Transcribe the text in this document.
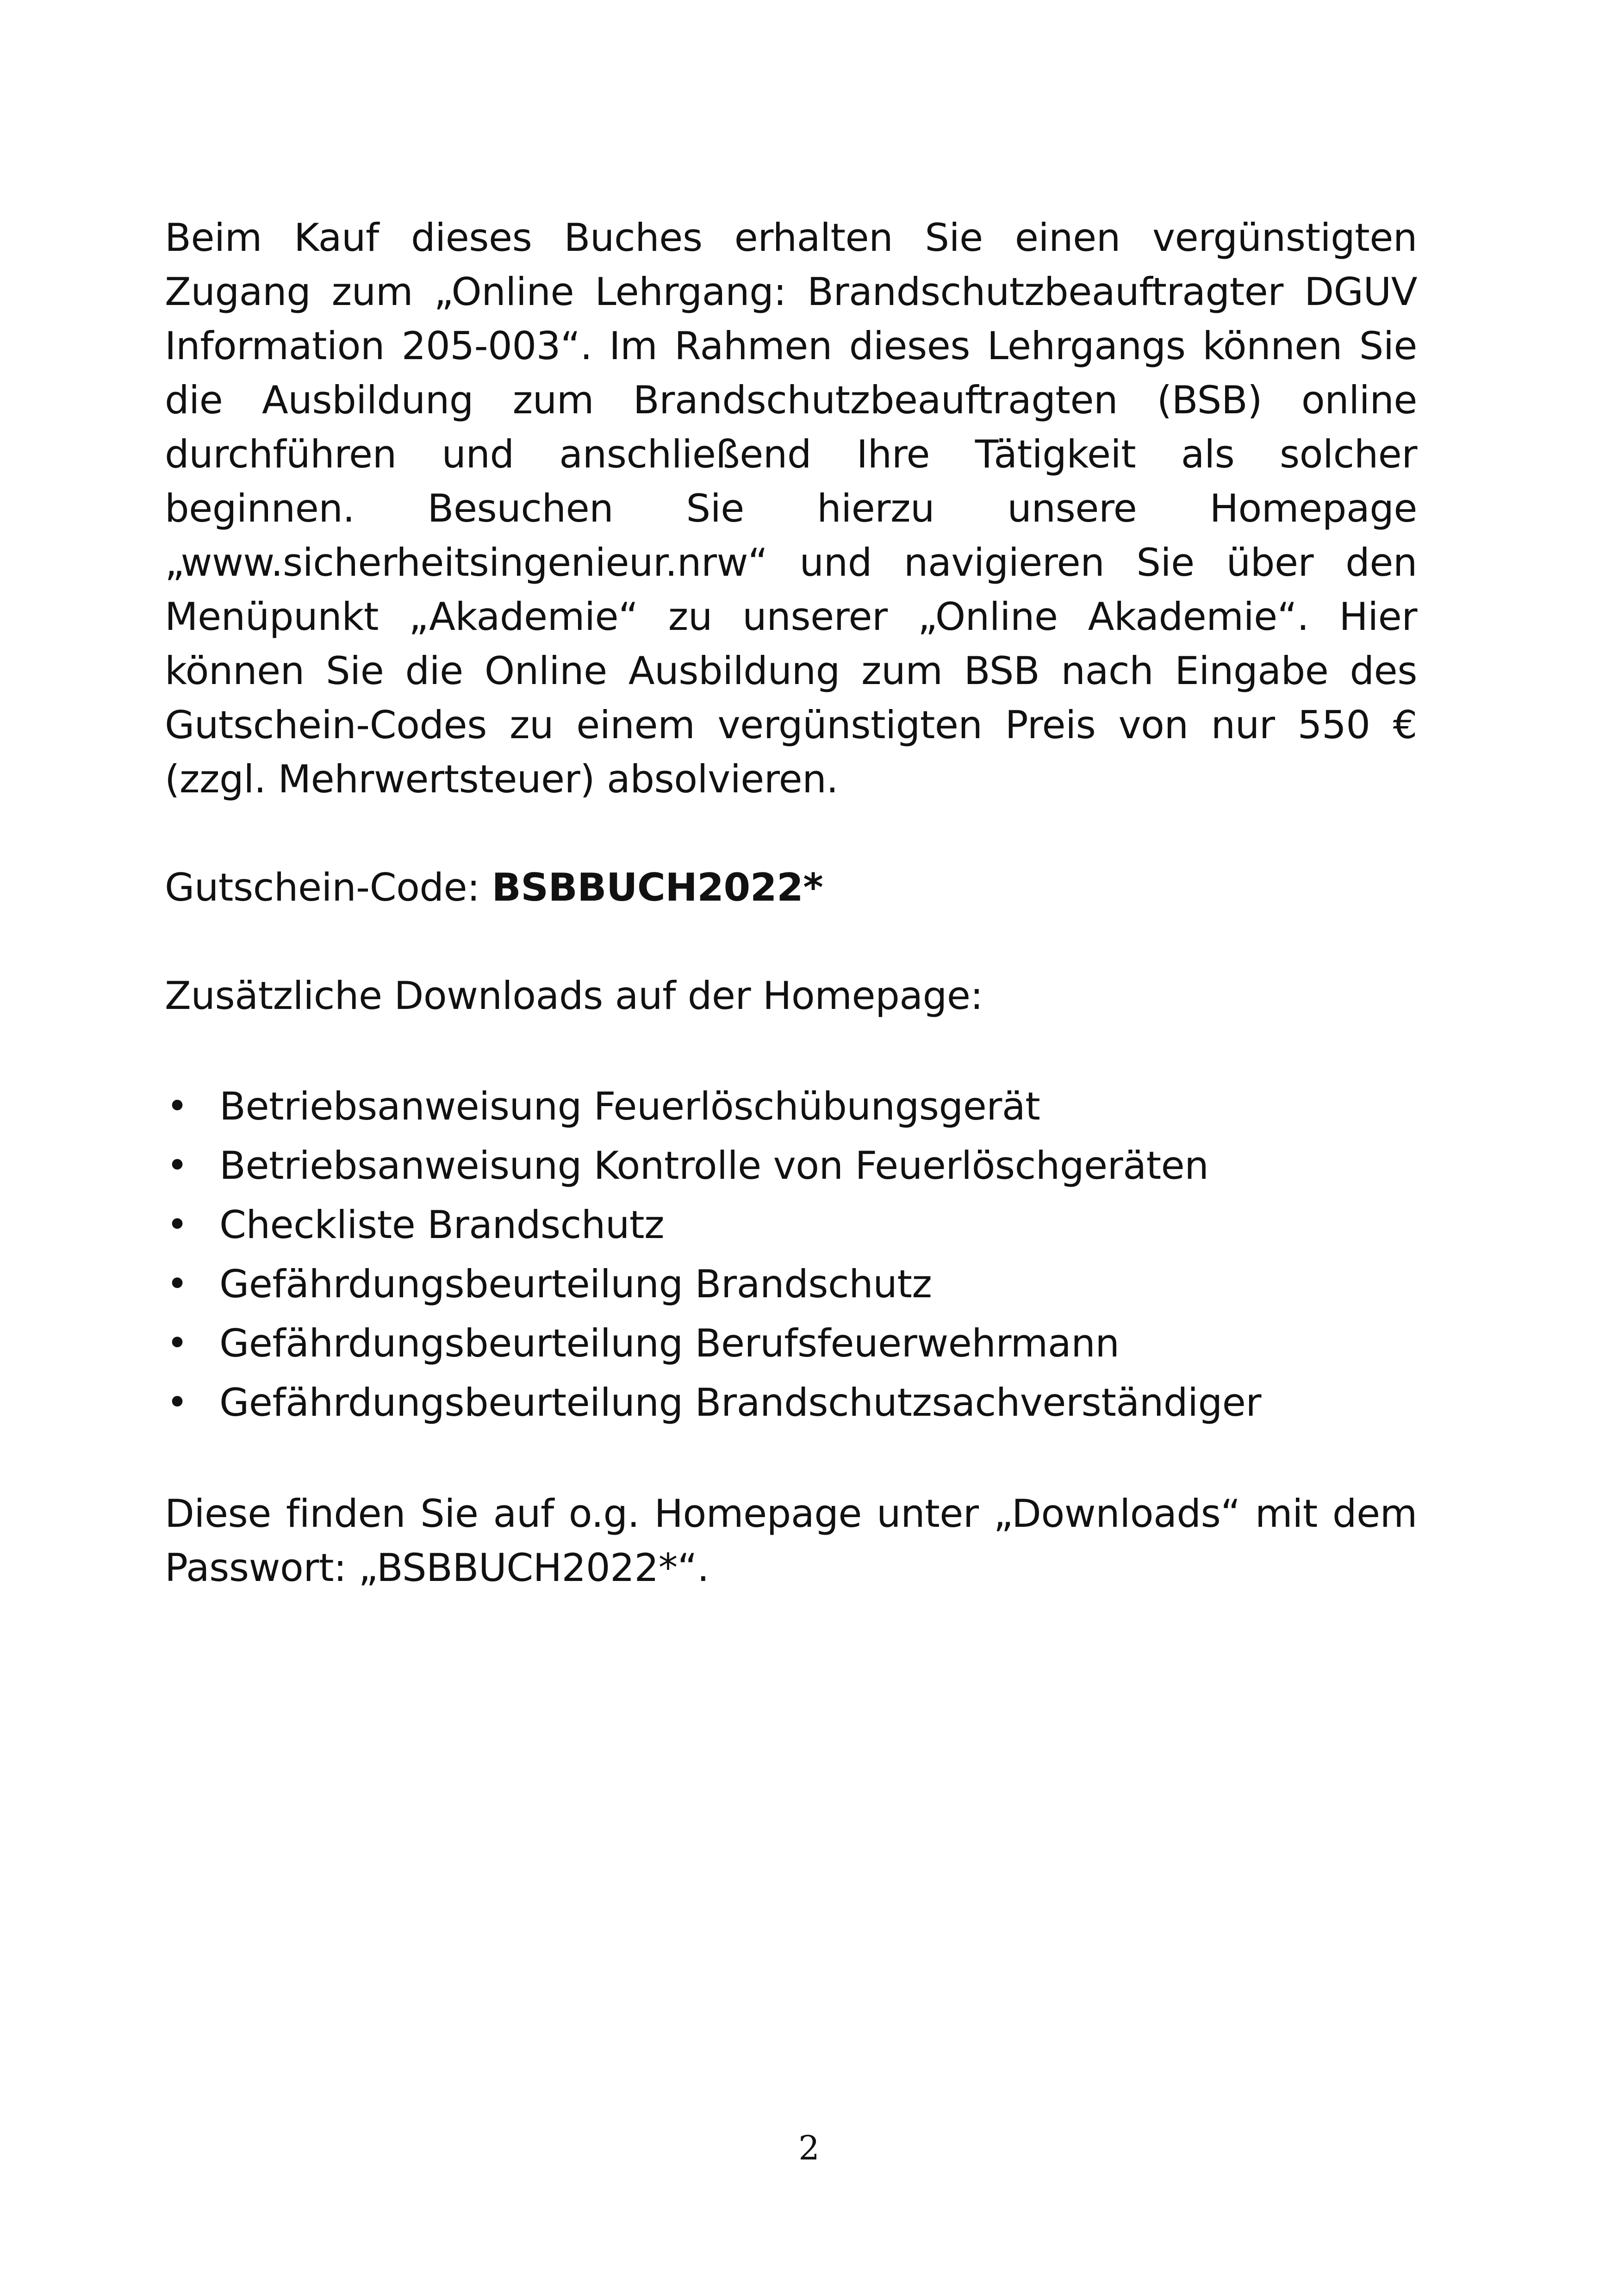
Beim Kauf dieses Buches erhalten Sie einen vergünstigten Zugang zum „Online Lehrgang: Brandschutzbeauftragter DGUV Information 205-003“. Im Rahmen dieses Lehrgangs können Sie die Ausbildung zum Brandschutzbeauftragten (BSB) online durchführen und anschließend Ihre Tätigkeit als solcher beginnen. Besuchen Sie hierzu unsere Homepage „www.sicherheitsingenieur.nrw“ und navigieren Sie über den Menüpunkt „Akademie“ zu unserer „Online Akademie“. Hier können Sie die Online Ausbildung zum BSB nach Eingabe des Gutschein-Codes zu einem vergünstigten Preis von nur 550 € (zzgl. Mehrwertsteuer) absolvieren.

Gutschein-Code: BSBBUCH2022*

Zusätzliche Downloads auf der Homepage:

• Betriebsanweisung Feuerlöschübungsgerät
• Betriebsanweisung Kontrolle von Feuerlöschgeräten
• Checkliste Brandschutz
• Gefährdungsbeurteilung Brandschutz
• Gefährdungsbeurteilung Berufsfeuerwehrmann
• Gefährdungsbeurteilung Brandschutzsachverständiger

Diese finden Sie auf o.g. Homepage unter „Downloads“ mit dem Passwort: „BSBBUCH2022*“.

2
